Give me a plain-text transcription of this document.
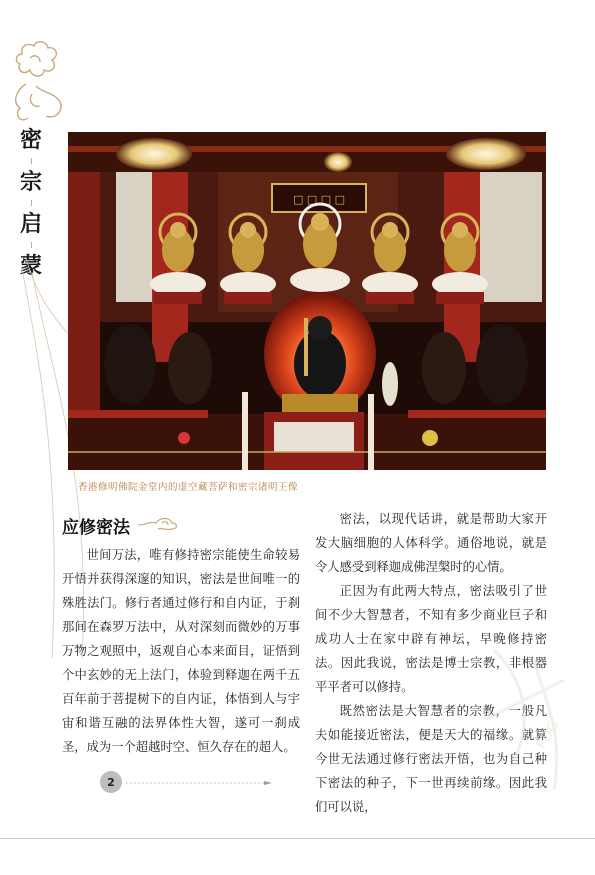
密
宗
启
蒙
□ □ □ □
香港修明佛院金堂内的虚空藏菩萨和密宗诸明王像
应修密法

世间万法，唯有修持密宗能使生命较易开悟并获得深邃的知识，密法是世间唯一的殊胜法门。修行者通过修行和自内证，于刹那间在森罗万法中，从对深刻而微妙的万事万物之观照中，返观自心本来面目，证悟到个中玄妙的无上法门，体验到释迦在两千五百年前于菩提树下的自内证，体悟到人与宇宙和谐互融的法界体性大智，遂可一刹成圣，成为一个超越时空、恒久存在的超人。

密法，以现代话讲，就是帮助大家开发大脑细胞的人体科学。通俗地说，就是令人感受到释迦成佛涅槃时的心情。

正因为有此两大特点，密法吸引了世间不少大智慧者，不知有多少商业巨子和成功人士在家中辟有神坛，早晚修持密法。因此我说，密法是博士宗教，非根器平平者可以修持。

既然密法是大智慧者的宗教，一般凡夫如能接近密法，便是天大的福缘。就算今世无法通过修行密法开悟，也为自己种下密法的种子，下一世再续前缘。因此我们可以说，

2
PDG
